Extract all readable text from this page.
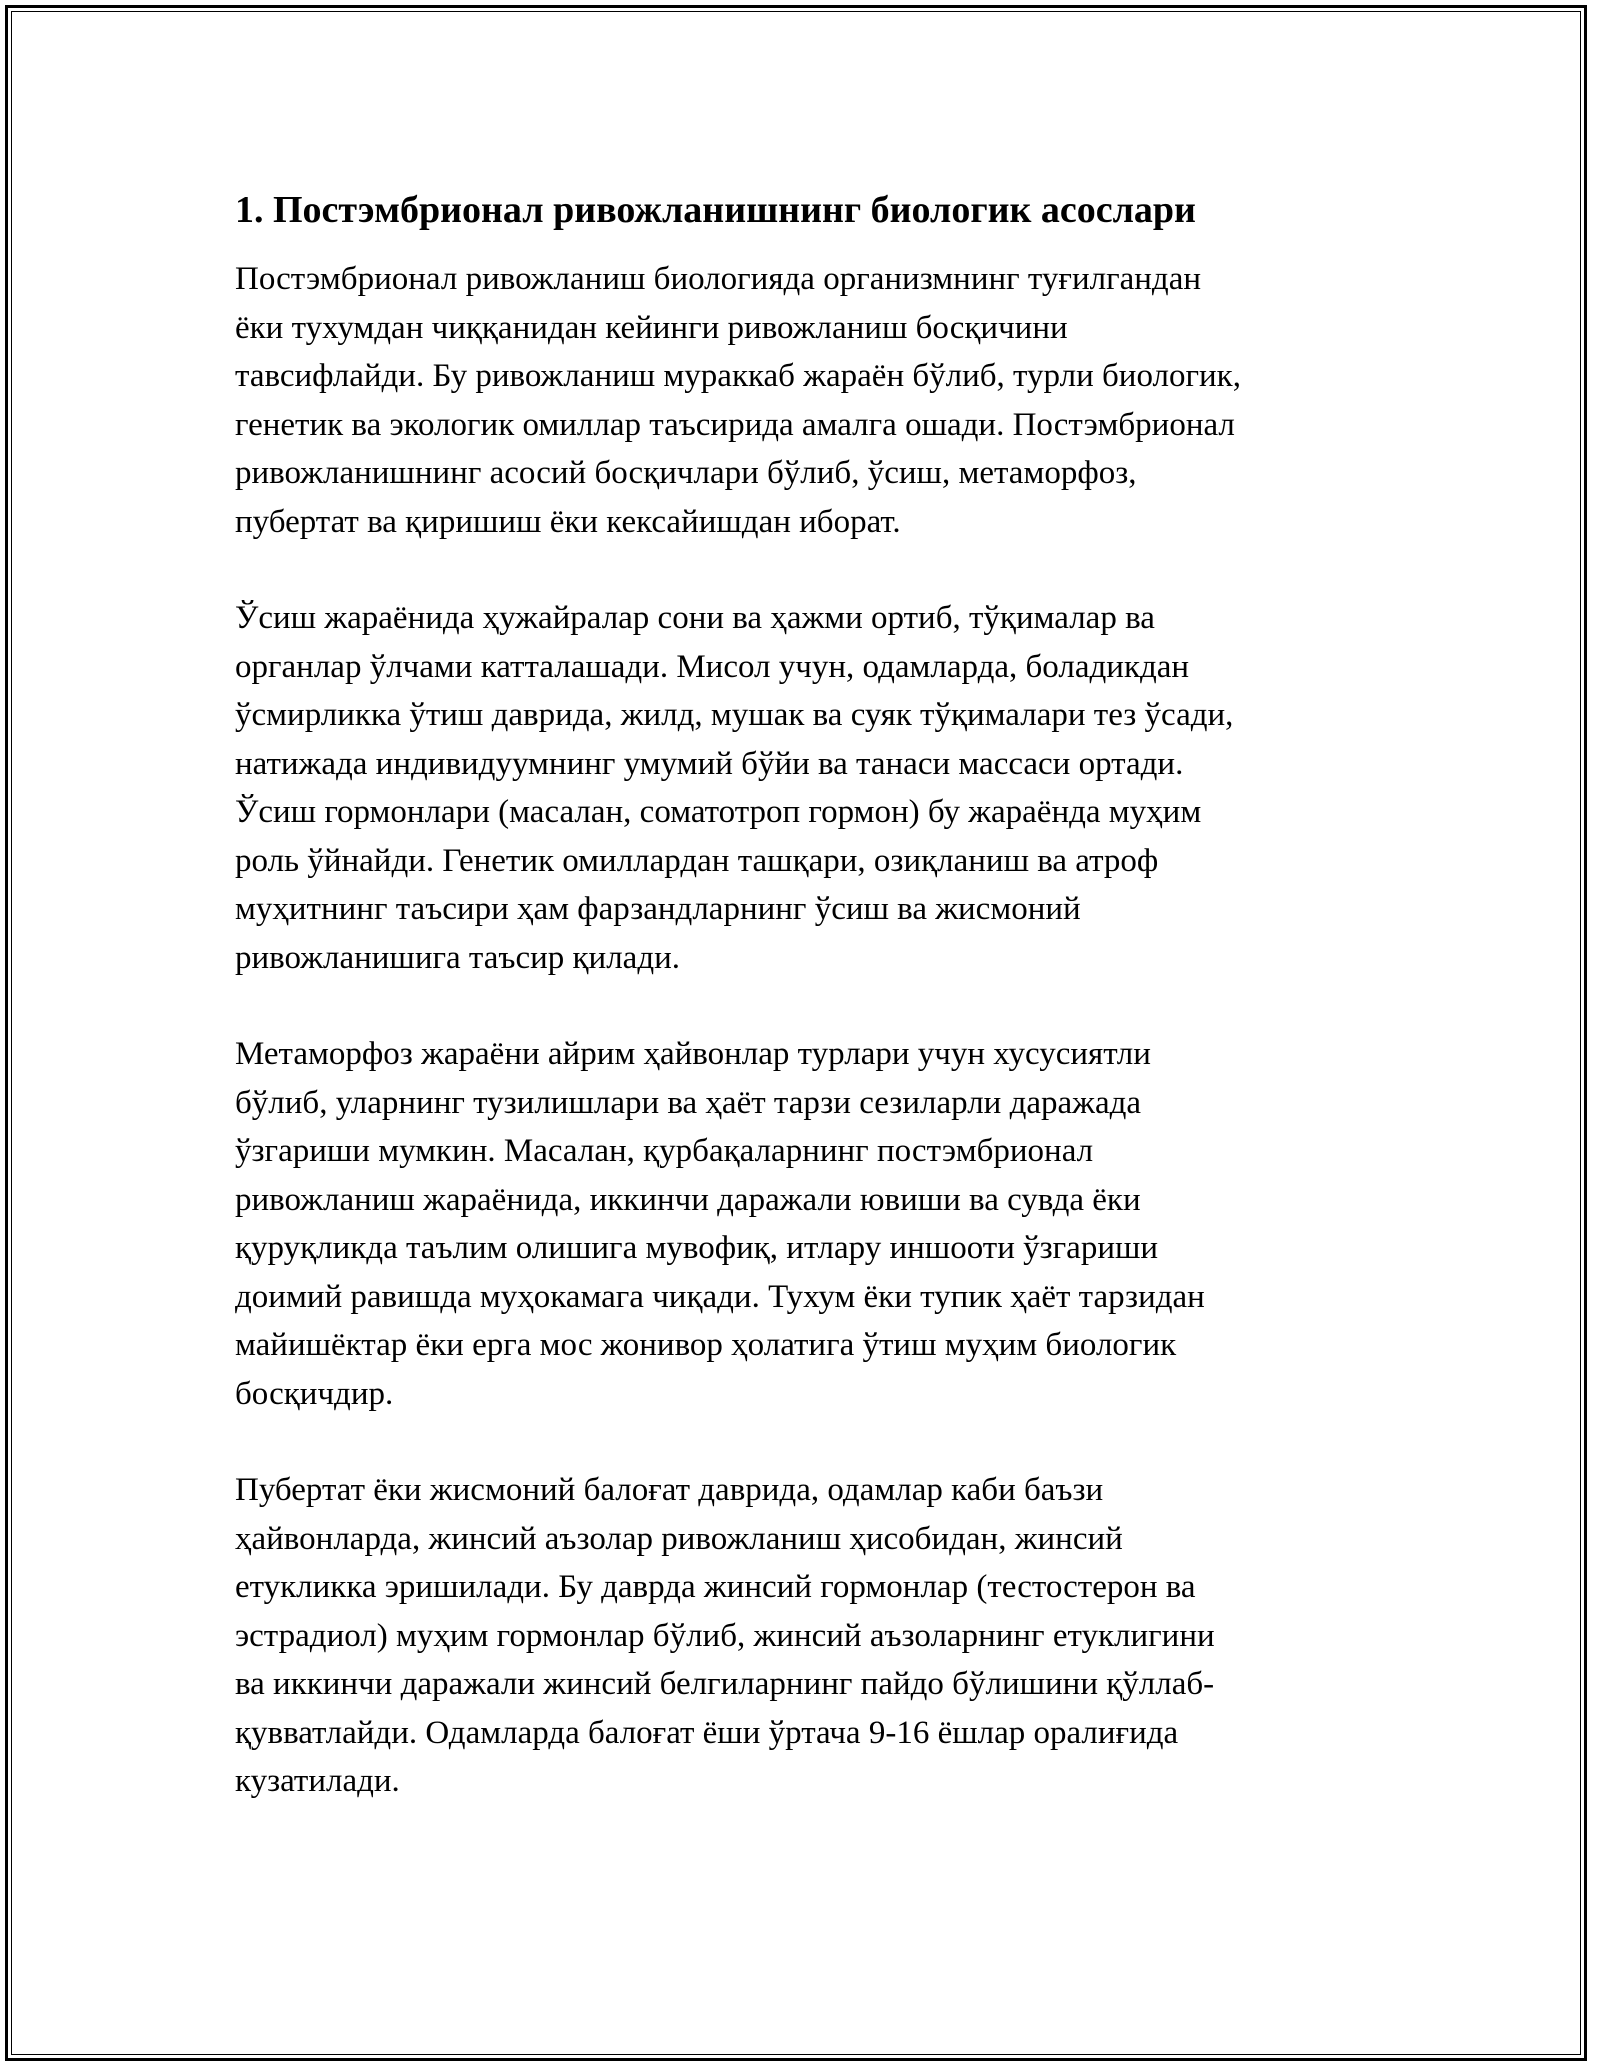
1. Постэмбрионал ривожланишнинг биологик асослари
Постэмбрионал ривожланиш биологияда организмнинг туғилгандан
ёки тухумдан чиққанидан кейинги ривожланиш босқичини
тавсифлайди. Бу ривожланиш мураккаб жараён бўлиб, турли биологик,
генетик ва экологик омиллар таъсирида амалга ошади. Постэмбрионал
ривожланишнинг асосий босқичлари бўлиб, ўсиш, метаморфоз,
пубертат ва қиришиш ёки кексайишдан иборат.
Ўсиш жараёнида ҳужайралар сони ва ҳажми ортиб, тўқималар ва
органлар ўлчами катталашади. Мисол учун, одамларда, боладикдан
ўсмирликка ўтиш даврида, жилд, мушак ва суяк тўқималари тез ўсади,
натижада индивидуумнинг умумий бўйи ва танаси массаси ортади.
Ўсиш гормонлари (масалан, соматотроп гормон) бу жараёнда муҳим
роль ўйнайди. Генетик омиллардан ташқари, озиқланиш ва атроф
муҳитнинг таъсири ҳам фарзандларнинг ўсиш ва жисмоний
ривожланишига таъсир қилади.
Метаморфоз жараёни айрим ҳайвонлар турлари учун хусусиятли
бўлиб, уларнинг тузилишлари ва ҳаёт тарзи сезиларли даражада
ўзгариши мумкин. Масалан, қурбақаларнинг постэмбрионал
ривожланиш жараёнида, иккинчи даражали ювиши ва сувда ёки
қуруқликда таълим олишига мувофиқ, итлару иншооти ўзгариши
доимий равишда муҳокамага чиқади. Тухум ёки тупик ҳаёт тарзидан
майишёктар ёки ерга мос жонивор ҳолатига ўтиш муҳим биологик
босқичдир.
Пубертат ёки жисмоний балоғат даврида, одамлар каби баъзи
ҳайвонларда, жинсий аъзолар ривожланиш ҳисобидан, жинсий
етукликка эришилади. Бу даврда жинсий гормонлар (тестостерон ва
эстрадиол) муҳим гормонлар бўлиб, жинсий аъзоларнинг етуклигини
ва иккинчи даражали жинсий белгиларнинг пайдо бўлишини қўллаб-
қувватлайди. Одамларда балоғат ёши ўртача 9-16 ёшлар оралиғида
кузатилади.
